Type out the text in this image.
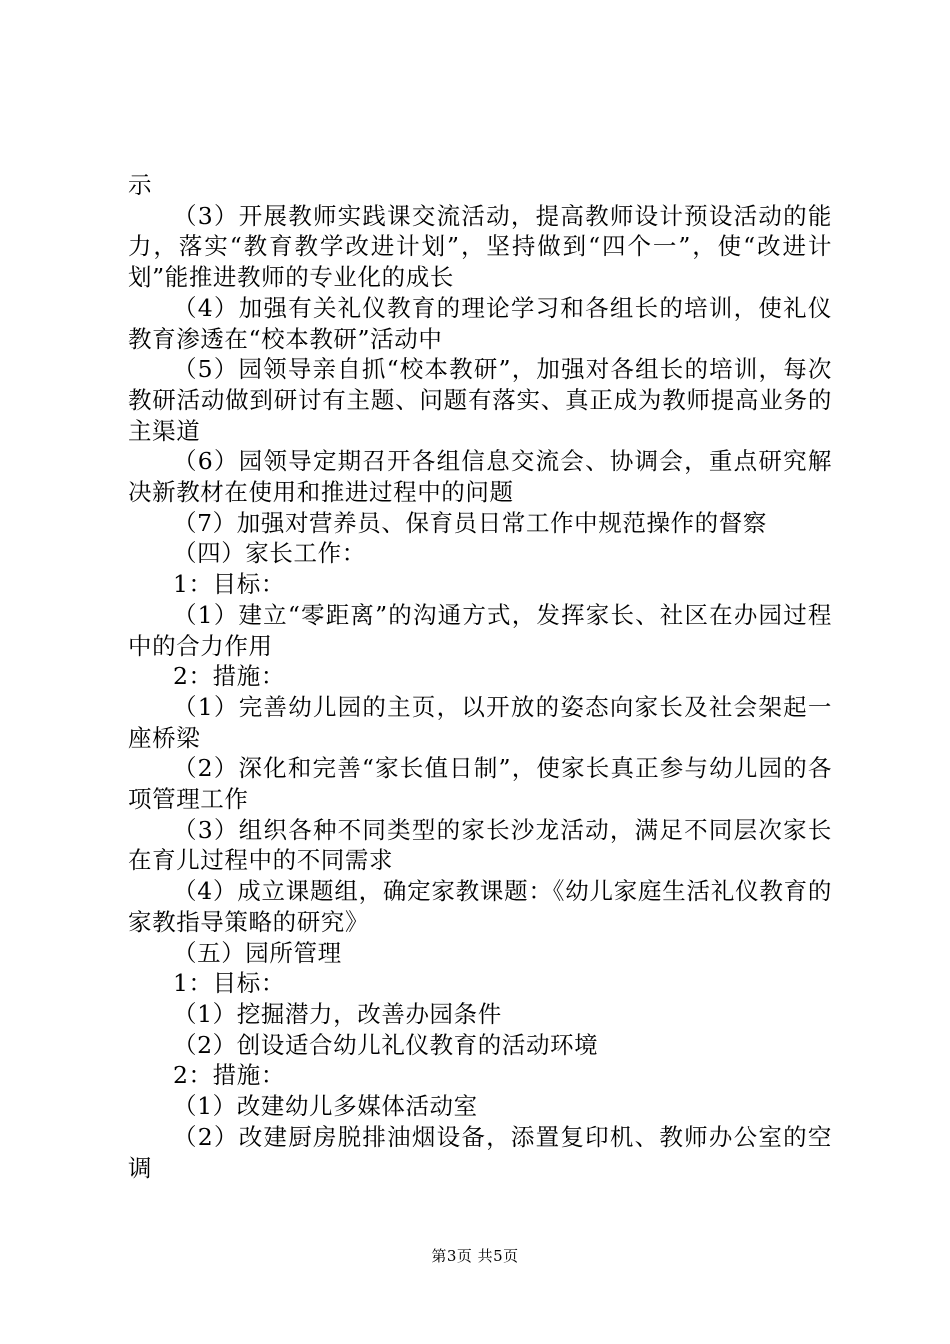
示

（3）开展教师实践课交流活动，提高教师设计预设活动的能力，落实“教育教学改进计划”，坚持做到“四个一”，使“改进计划”能推进教师的专业化的成长

（4）加强有关礼仪教育的理论学习和各组长的培训，使礼仪教育渗透在“校本教研”活动中

（5）园领导亲自抓“校本教研”，加强对各组长的培训，每次教研活动做到研讨有主题、问题有落实、真正成为教师提高业务的主渠道

（6）园领导定期召开各组信息交流会、协调会，重点研究解决新教材在使用和推进过程中的问题

（7）加强对营养员、保育员日常工作中规范操作的督察

（四）家长工作：

1：目标：

（1）建立“零距离”的沟通方式，发挥家长、社区在办园过程中的合力作用

2：措施：

（1）完善幼儿园的主页，以开放的姿态向家长及社会架起一座桥梁

（2）深化和完善“家长值日制”，使家长真正参与幼儿园的各项管理工作

（3）组织各种不同类型的家长沙龙活动，满足不同层次家长在育儿过程中的不同需求

（4）成立课题组，确定家教课题：《幼儿家庭生活礼仪教育的家教指导策略的研究》

（五）园所管理

1：目标：

（1）挖掘潜力，改善办园条件

（2）创设适合幼儿礼仪教育的活动环境

2：措施：

（1）改建幼儿多媒体活动室

（2）改建厨房脱排油烟设备，添置复印机、教师办公室的空调

第3页 共5页
